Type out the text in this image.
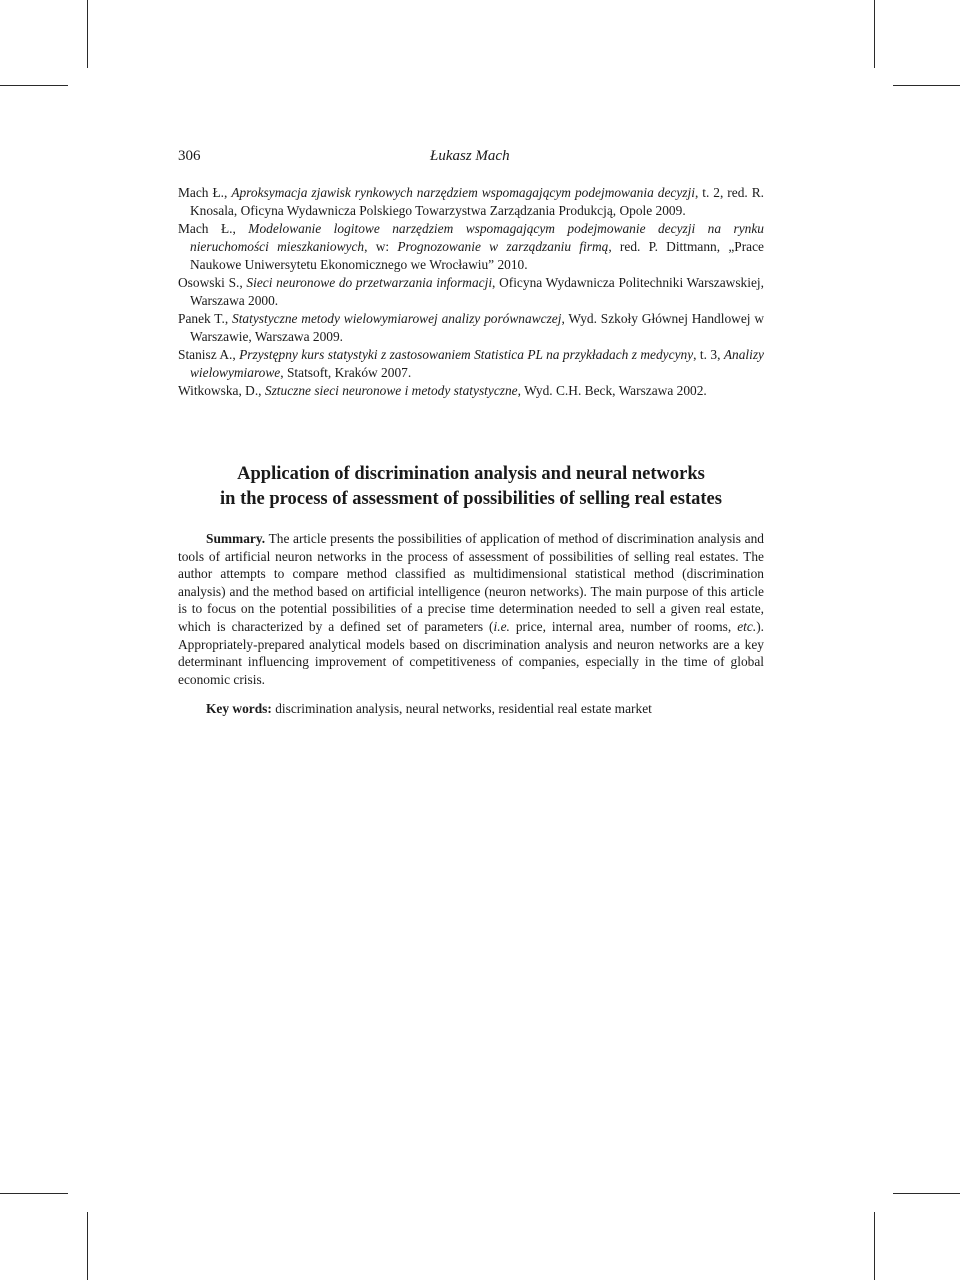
306	Łukasz Mach

Mach Ł., Aproksymacja zjawisk rynkowych narzędziem wspomagającym podejmowania decyzji, t. 2, red. R. Knosala, Oficyna Wydawnicza Polskiego Towarzystwa Zarządzania Produkcją, Opole 2009.

Mach Ł., Modelowanie logitowe narzędziem wspomagającym podejmowanie decyzji na rynku nieruchomości mieszkaniowych, w: Prognozowanie w zarządzaniu firmą, red. P. Dittmann, „Prace Naukowe Uniwersytetu Ekonomicznego we Wrocławiu” 2010.

Osowski S., Sieci neuronowe do przetwarzania informacji, Oficyna Wydawnicza Politechniki Warszawskiej, Warszawa 2000.

Panek T., Statystyczne metody wielowymiarowej analizy porównawczej, Wyd. Szkoły Głównej Handlowej w Warszawie, Warszawa 2009.

Stanisz A., Przystępny kurs statystyki z zastosowaniem Statistica PL na przykładach z medycyny, t. 3, Analizy wielowymiarowe, Statsoft, Kraków 2007.

Witkowska, D., Sztuczne sieci neuronowe i metody statystyczne, Wyd. C.H. Beck, Warszawa 2002.

Application of discrimination analysis and neural networks
in the process of assessment of possibilities of selling real estates

Summary. The article presents the possibilities of application of method of discrimination analysis and tools of artificial neuron networks in the process of assessment of possibilities of selling real estates. The author attempts to compare method classified as multidimensional statistical method (discrimination analysis) and the method based on artificial intelligence (neuron networks). The main purpose of this article is to focus on the potential possibilities of a precise time determination needed to sell a given real estate, which is characterized by a defined set of parameters (i.e. price, internal area, number of rooms, etc.). Appropriately-prepared analytical models based on discrimination analysis and neuron networks are a key determinant influencing improvement of competitiveness of companies, especially in the time of global economic crisis.

Key words: discrimination analysis, neural networks, residential real estate market
